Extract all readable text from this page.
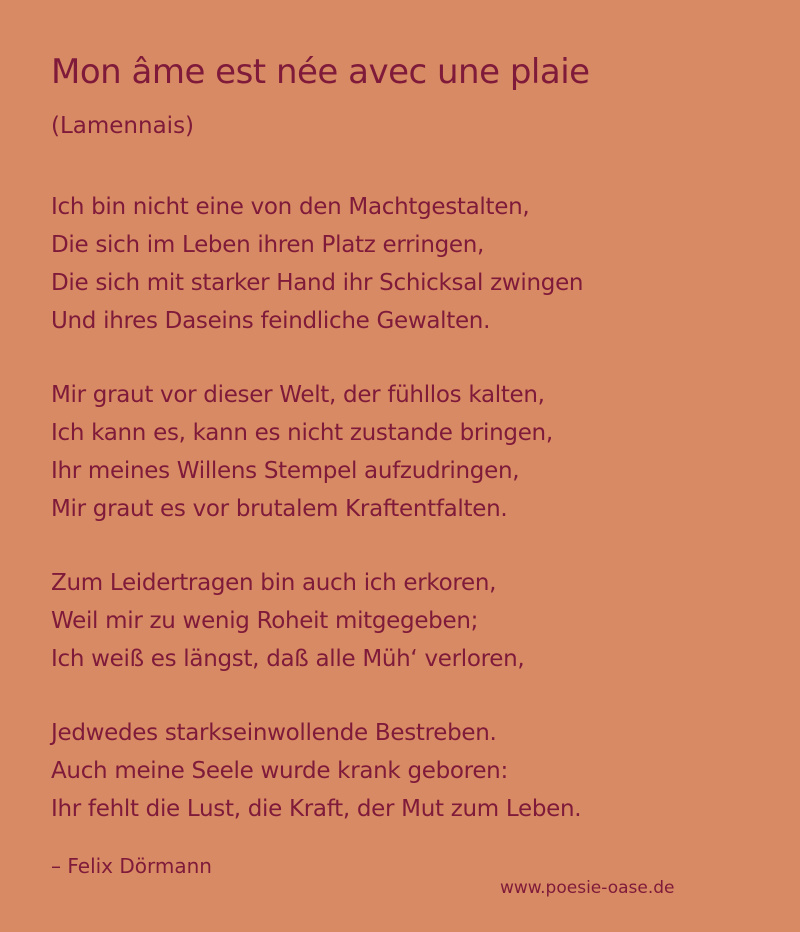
Mon âme est née avec une plaie
(Lamennais)
Ich bin nicht eine von den Machtgestalten,
Die sich im Leben ihren Platz erringen,
Die sich mit starker Hand ihr Schicksal zwingen
Und ihres Daseins feindliche Gewalten.
Mir graut vor dieser Welt, der fühllos kalten,
Ich kann es, kann es nicht zustande bringen,
Ihr meines Willens Stempel aufzudringen,
Mir graut es vor brutalem Kraftentfalten.
Zum Leidertragen bin auch ich erkoren,
Weil mir zu wenig Roheit mitgegeben;
Ich weiß es längst, daß alle Müh‘ verloren,
Jedwedes starkseinwollende Bestreben.
Auch meine Seele wurde krank geboren:
Ihr fehlt die Lust, die Kraft, der Mut zum Leben.
– Felix Dörmann
www.poesie-oase.de
